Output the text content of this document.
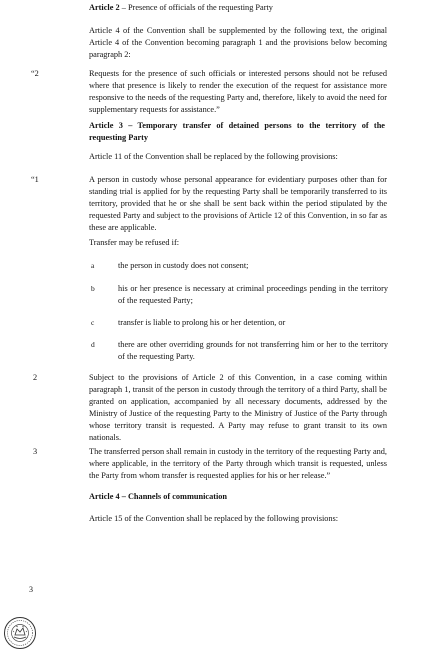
Article 2 – Presence of officials of the requesting Party
Article 4 of the Convention shall be supplemented by the following text, the original Article 4 of the Convention becoming paragraph 1 and the provisions below becoming paragraph 2:
“2	Requests for the presence of such officials or interested persons should not be refused where that presence is likely to render the execution of the request for assistance more responsive to the needs of the requesting Party and, therefore, likely to avoid the need for supplementary requests for assistance.”
Article 3 – Temporary transfer of detained persons to the territory of the requesting Party
Article 11 of the Convention shall be replaced by the following provisions:
“1	A person in custody whose personal appearance for evidentiary purposes other than for standing trial is applied for by the requesting Party shall be temporarily transferred to its territory, provided that he or she shall be sent back within the period stipulated by the requested Party and subject to the provisions of Article 12 of this Convention, in so far as these are applicable.
Transfer may be refused if:
a	the person in custody does not consent;
b	his or her presence is necessary at criminal proceedings pending in the territory of the requested Party;
c	transfer is liable to prolong his or her detention, or
d	there are other overriding grounds for not transferring him or her to the territory of the requesting Party.
2	Subject to the provisions of Article 2 of this Convention, in a case coming within paragraph 1, transit of the person in custody through the territory of a third Party, shall be granted on application, accompanied by all necessary documents, addressed by the Ministry of Justice of the requesting Party to the Ministry of Justice of the Party through whose territory transit is requested. A Party may refuse to grant transit to its own nationals.
3	The transferred person shall remain in custody in the territory of the requesting Party and, where applicable, in the territory of the Party through which transit is requested, unless the Party from whom transfer is requested applies for his or her release.”
Article 4 – Channels of communication
Article 15 of the Convention shall be replaced by the following provisions:
3
